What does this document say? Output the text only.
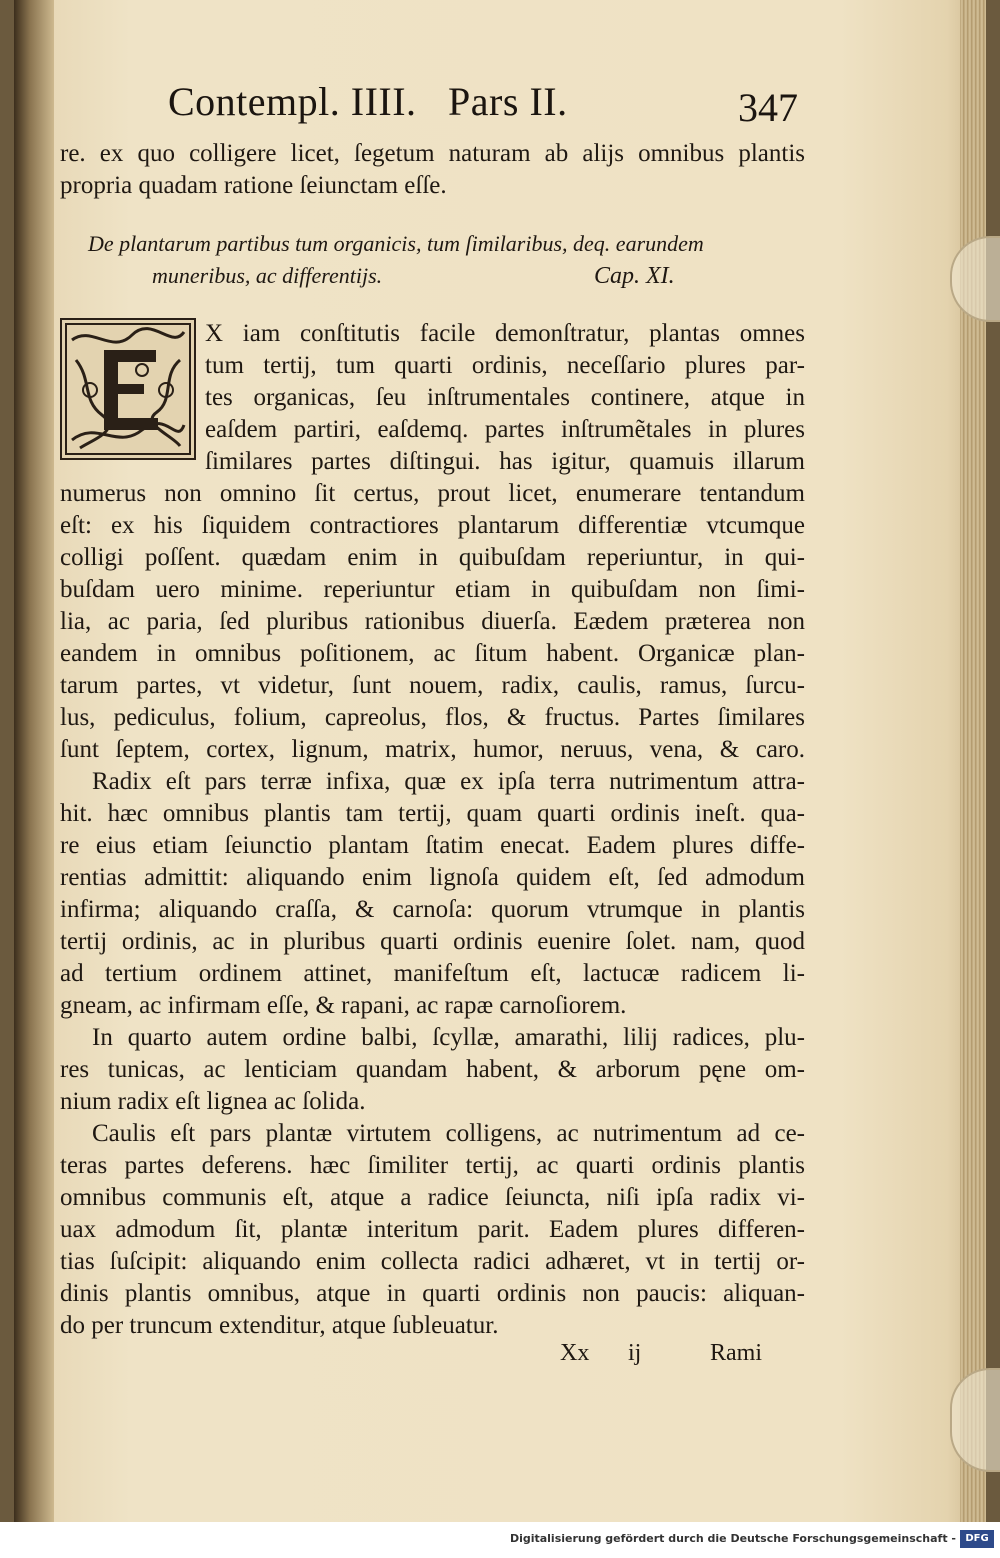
Contempl. IIII.   Pars II.	347
re. ex quo colligere licet, ſegetum naturam ab alijs omnibus plantis
propria quadam ratione ſeiunctam eſſe.
De plantarum partibus tum organicis, tum ſimilaribus, deq. earundem
muneribus, ac differentijs.	Cap. XI.
X iam conſtitutis facile demonſtratur, plantas omnes
tum tertij, tum quarti ordinis, neceſſario plures par-
tes organicas, ſeu inſtrumentales continere, atque in
eaſdem partiri, eaſdemq. partes inſtrumẽtales in plures
ſimilares partes diſtingui. has igitur, quamuis illarum
numerus non omnino ſit certus, prout licet, enumerare tentandum
eſt: ex his ſiquidem contractiores plantarum differentiæ vtcumque
colligi poſſent. quædam enim in quibuſdam reperiuntur, in qui-
buſdam uero minime. reperiuntur etiam in quibuſdam non ſimi-
lia, ac paria, ſed pluribus rationibus diuerſa. Eædem præterea non
eandem in omnibus poſitionem, ac ſitum habent. Organicæ plan-
tarum partes, vt videtur, ſunt nouem, radix, caulis, ramus, ſurcu-
lus, pediculus, folium, capreolus, flos, & fructus. Partes ſimilares
ſunt ſeptem, cortex, lignum, matrix, humor, neruus, vena, & caro.
Radix eſt pars terræ infixa, quæ ex ipſa terra nutrimentum attra-
hit. hæc omnibus plantis tam tertij, quam quarti ordinis ineſt. qua-
re eius etiam ſeiunctio plantam ſtatim enecat. Eadem plures diffe-
rentias admittit: aliquando enim lignoſa quidem eſt, ſed admodum
infirma; aliquando craſſa, & carnoſa: quorum vtrumque in plantis
tertij ordinis, ac in pluribus quarti ordinis euenire ſolet. nam, quod
ad tertium ordinem attinet, manifeſtum eſt, lactucæ radicem li-
gneam, ac infirmam eſſe, & rapani, ac rapæ carnoſiorem.
In quarto autem ordine balbi, ſcyllæ, amarathi, lilij radices, plu-
res tunicas, ac lenticiam quandam habent, & arborum pęne om-
nium radix eſt lignea ac ſolida.
Caulis eſt pars plantæ virtutem colligens, ac nutrimentum ad ce-
teras partes deferens. hæc ſimiliter tertij, ac quarti ordinis plantis
omnibus communis eſt, atque a radice ſeiuncta, niſi ipſa radix vi-
uax admodum ſit, plantæ interitum parit. Eadem plures differen-
tias ſuſcipit: aliquando enim collecta radici adhæret, vt in tertij or-
dinis plantis omnibus, atque in quarti ordinis non paucis: aliquan-
do per truncum extenditur, atque ſubleuatur.
Xx ij	Rami
Digitalisierung gefördert durch die Deutsche Forschungsgemeinschaft - DFG
